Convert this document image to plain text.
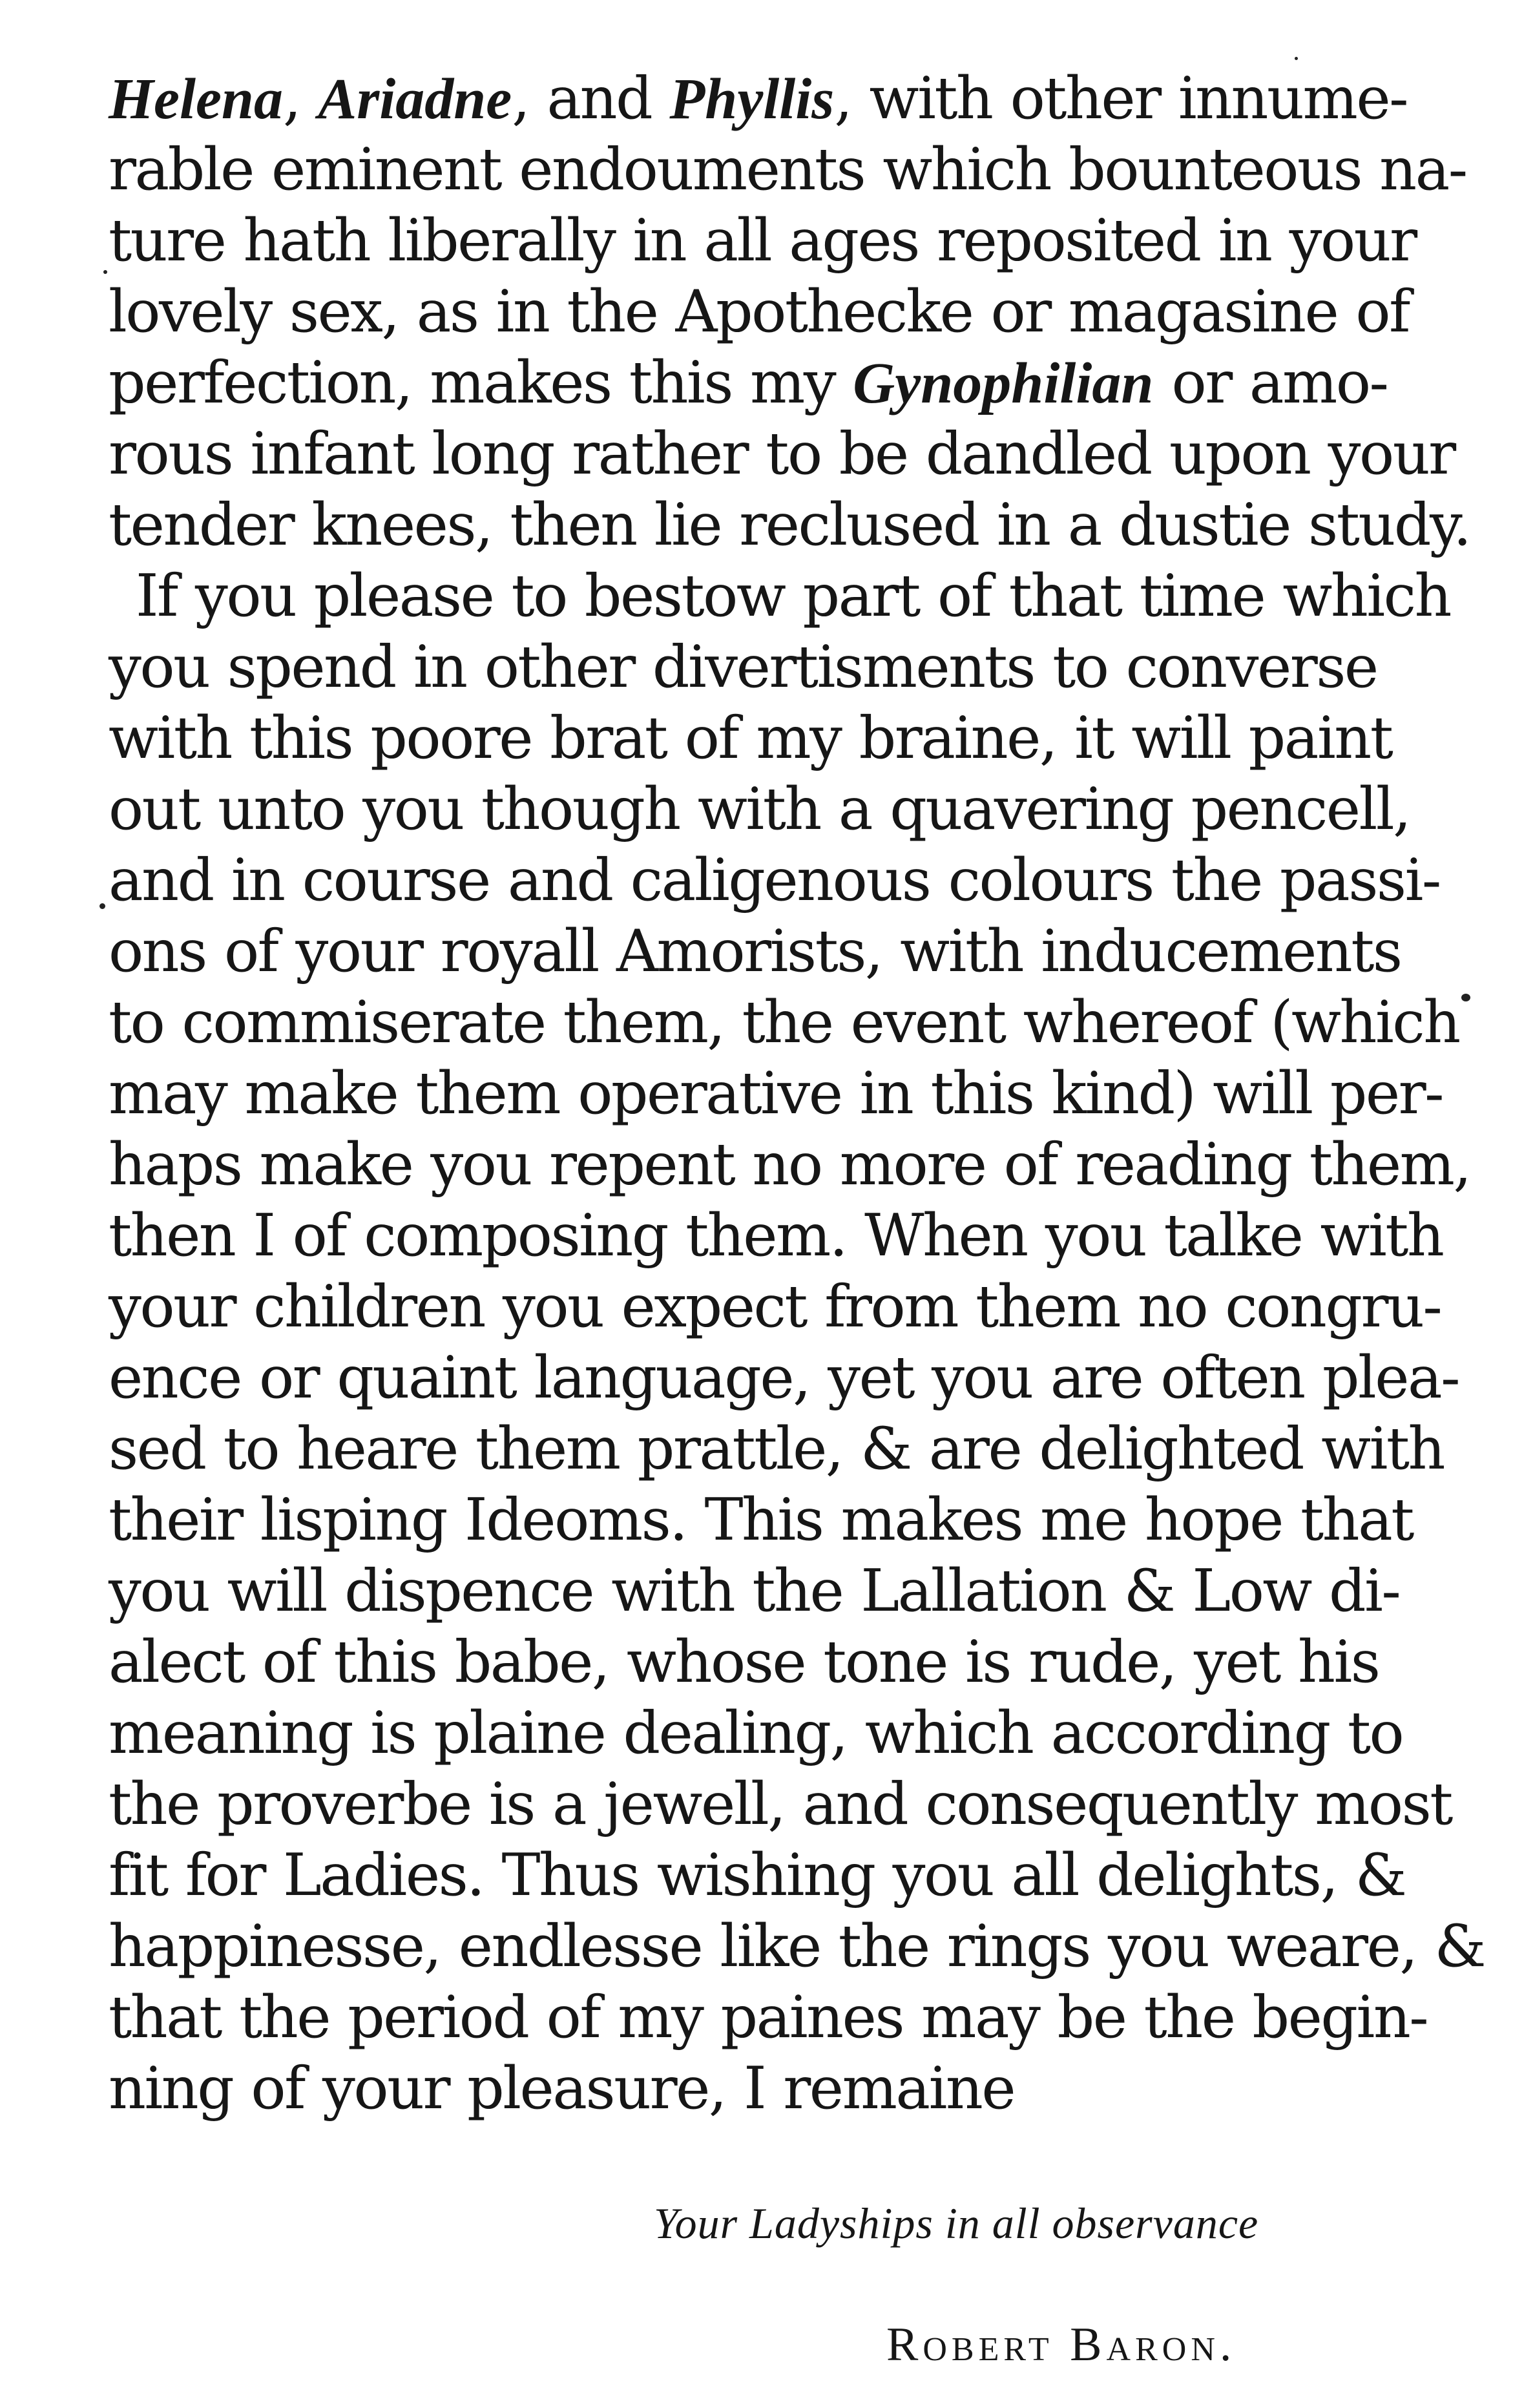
Helena, Ariadne, and Phyllis, with other innume-
rable eminent endouments which bounteous na-
ture hath liberally in all ages reposited in your
lovely sex, as in the Apothecke or magasine of
perfection, makes this my Gynophilian or amo-
rous infant long rather to be dandled upon your
tender knees, then lie reclused in a dustie study.
If you please to bestow part of that time which
you spend in other divertisments to converse
with this poore brat of my braine, it will paint
out unto you though with a quavering pencell,
and in course and caligenous colours the passi-
ons of your royall Amorists, with inducements
to commiserate them, the event whereof (which
may make them operative in this kind) will per-
haps make you repent no more of reading them,
then I of composing them. When you talke with
your children you expect from them no congru-
ence or quaint language, yet you are often plea-
sed to heare them prattle, & are delighted with
their lisping Ideoms. This makes me hope that
you will dispence with the Lallation & Low di-
alect of this babe, whose tone is rude, yet his
meaning is plaine dealing, which according to
the proverbe is a jewell, and consequently most
fit for Ladies. Thus wishing you all delights, &
happinesse, endlesse like the rings you weare, &
that the period of my paines may be the begin-
ning of your pleasure, I remaine
Your Ladyships in all observance
Robert Baron.
